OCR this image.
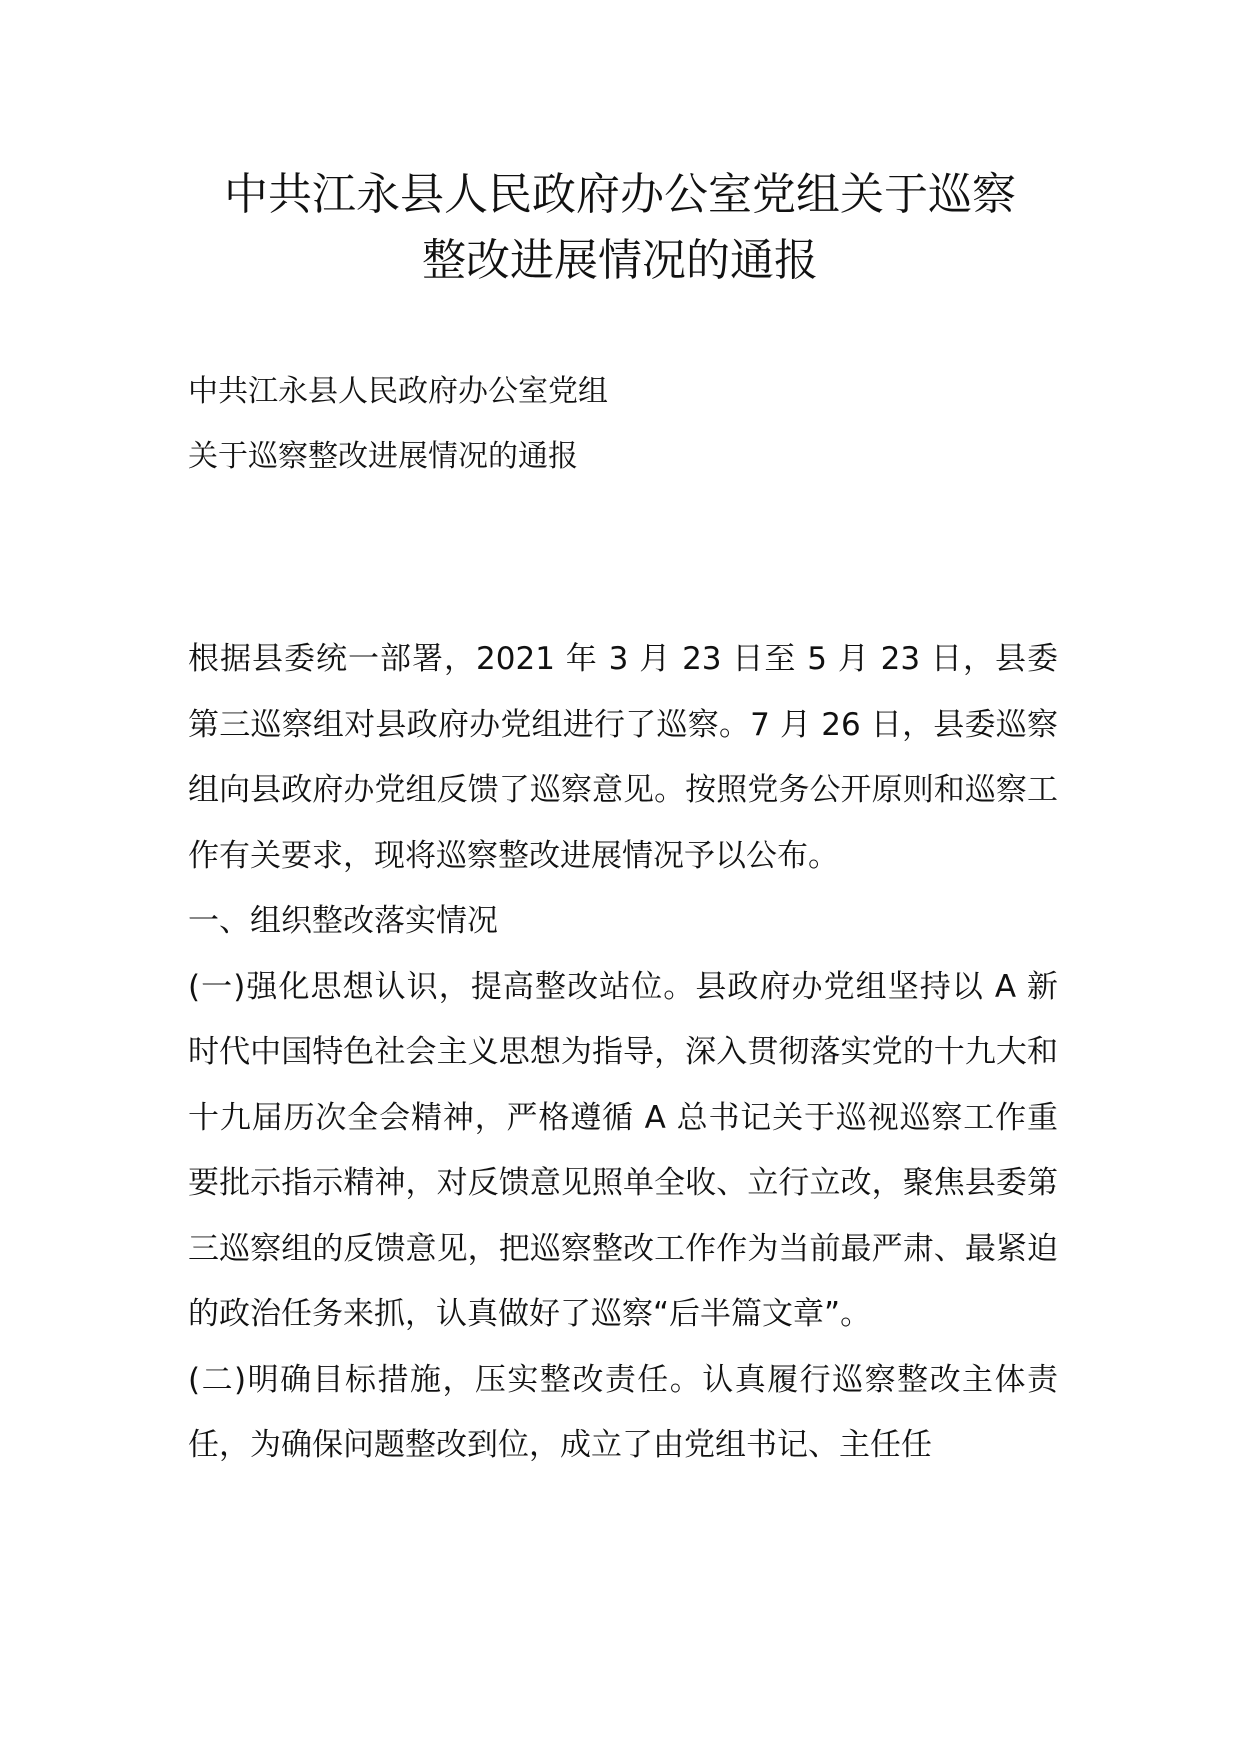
中共江永县人民政府办公室党组关于巡察
整改进展情况的通报

中共江永县人民政府办公室党组

关于巡察整改进展情况的通报

根据县委统一部署，2021 年 3 月 23 日至 5 月 23 日，县委第三巡察组对县政府办党组进行了巡察。7 月 26 日，县委巡察组向县政府办党组反馈了巡察意见。按照党务公开原则和巡察工作有关要求，现将巡察整改进展情况予以公布。

一、组织整改落实情况

(一)强化思想认识，提高整改站位。县政府办党组坚持以 A 新时代中国特色社会主义思想为指导，深入贯彻落实党的十九大和十九届历次全会精神，严格遵循 A 总书记关于巡视巡察工作重要批示指示精神，对反馈意见照单全收、立行立改，聚焦县委第三巡察组的反馈意见，把巡察整改工作作为当前最严肃、最紧迫的政治任务来抓，认真做好了巡察“后半篇文章”。

(二)明确目标措施，压实整改责任。认真履行巡察整改主体责任，为确保问题整改到位，成立了由党组书记、主任任
